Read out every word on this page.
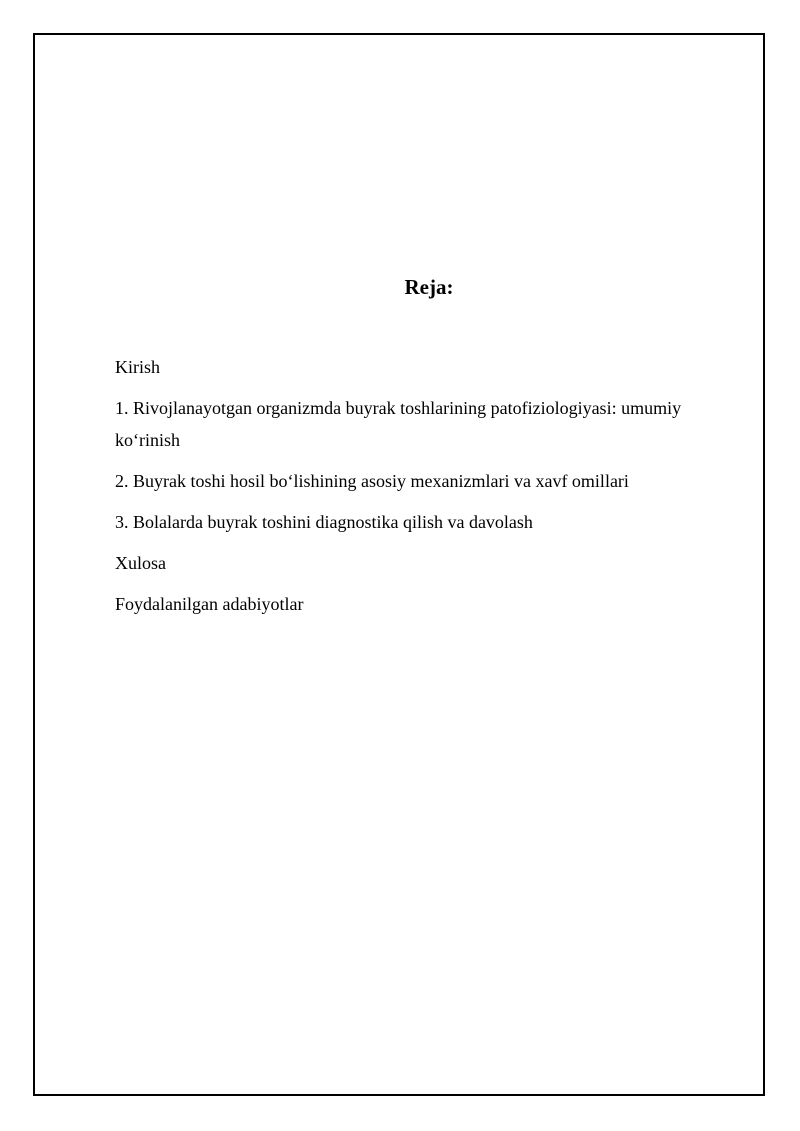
Reja:
Kirish
1. Rivojlanayotgan organizmda buyrak toshlarining patofiziologiyasi: umumiy ko‘rinish
2. Buyrak toshi hosil bo‘lishining asosiy mexanizmlari va xavf omillari
3. Bolalarda buyrak toshini diagnostika qilish va davolash
Xulosa
Foydalanilgan adabiyotlar
